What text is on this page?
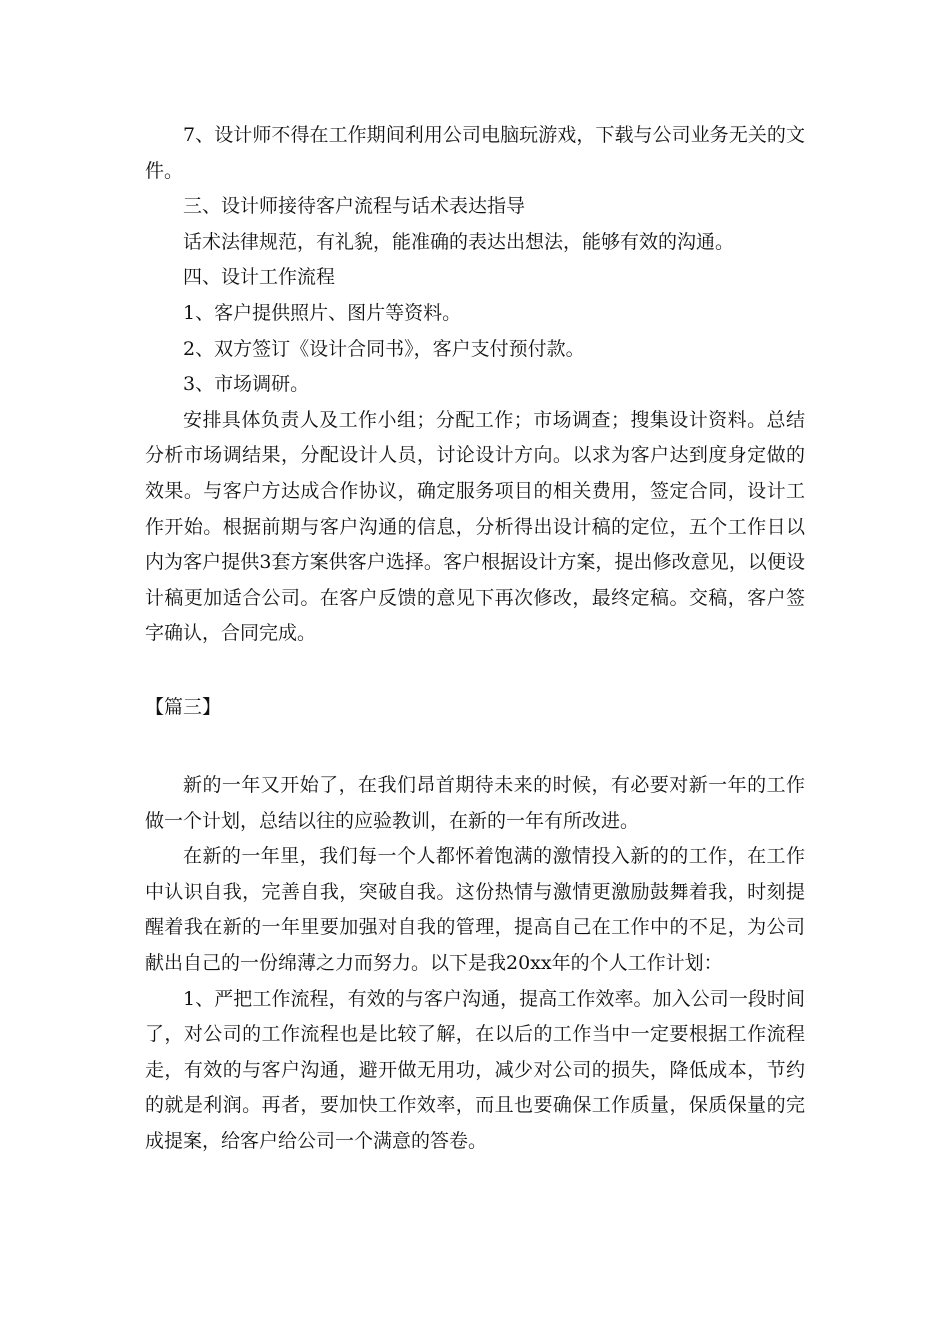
7、设计师不得在工作期间利用公司电脑玩游戏，下载与公司业务无关的文件。

三、设计师接待客户流程与话术表达指导

话术法律规范，有礼貌，能准确的表达出想法，能够有效的沟通。

四、设计工作流程

1、客户提供照片、图片等资料。

2、双方签订《设计合同书》，客户支付预付款。

3、市场调研。

安排具体负责人及工作小组；分配工作；市场调查；搜集设计资料。总结分析市场调结果，分配设计人员，讨论设计方向。以求为客户达到度身定做的效果。与客户方达成合作协议，确定服务项目的相关费用，签定合同，设计工作开始。根据前期与客户沟通的信息，分析得出设计稿的定位，五个工作日以内为客户提供3套方案供客户选择。客户根据设计方案，提出修改意见，以便设计稿更加适合公司。在客户反馈的意见下再次修改，最终定稿。交稿，客户签字确认，合同完成。

【篇三】

新的一年又开始了，在我们昂首期待未来的时候，有必要对新一年的工作做一个计划，总结以往的应验教训，在新的一年有所改进。

在新的一年里，我们每一个人都怀着饱满的激情投入新的的工作，在工作中认识自我，完善自我，突破自我。这份热情与激情更激励鼓舞着我，时刻提醒着我在新的一年里要加强对自我的管理，提高自己在工作中的不足，为公司献出自己的一份绵薄之力而努力。以下是我20xx年的个人工作计划：

1、严把工作流程，有效的与客户沟通，提高工作效率。加入公司一段时间了，对公司的工作流程也是比较了解，在以后的工作当中一定要根据工作流程走，有效的与客户沟通，避开做无用功，减少对公司的损失，降低成本，节约的就是利润。再者，要加快工作效率，而且也要确保工作质量，保质保量的完成提案，给客户给公司一个满意的答卷。
